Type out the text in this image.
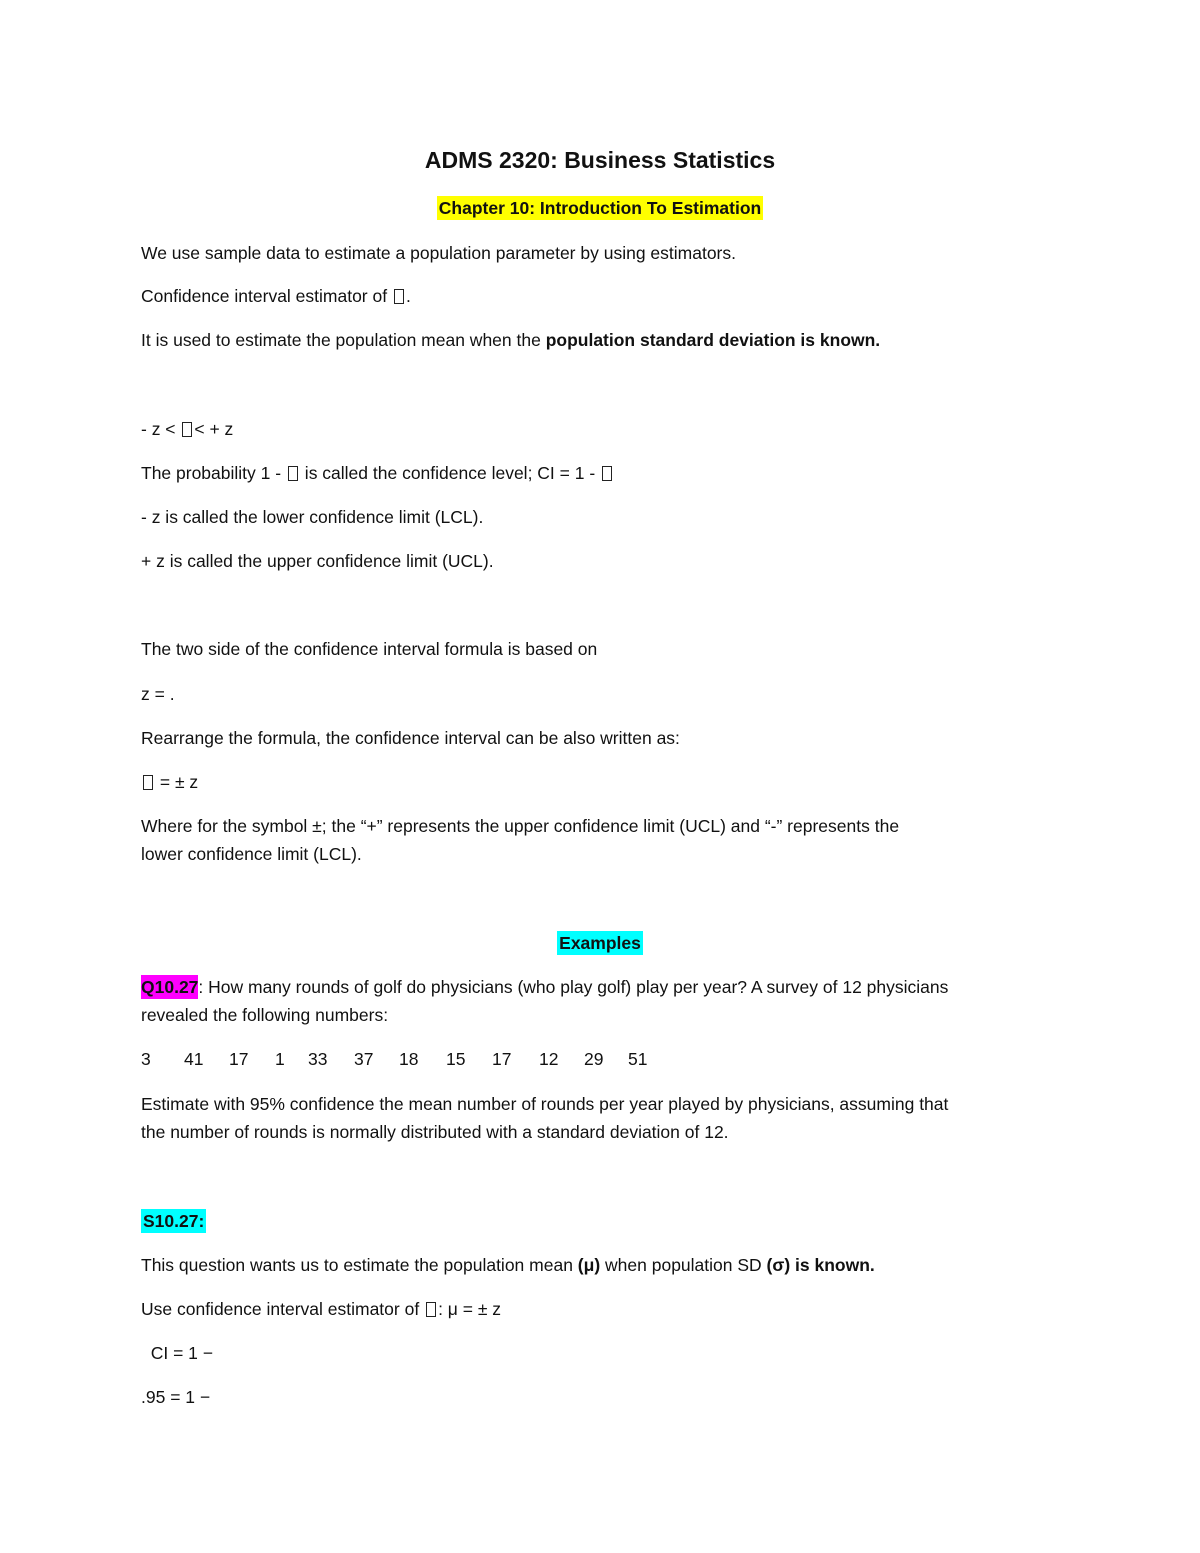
ADMS 2320: Business Statistics
Chapter 10: Introduction To Estimation
We use sample data to estimate a population parameter by using estimators.
Confidence interval estimator of .
It is used to estimate the population mean when the population standard deviation is known.
- z < < + z
The probability 1 -  is called the confidence level; CI = 1 -
- z is called the lower confidence limit (LCL).
+ z is called the upper confidence limit (UCL).
The two side of the confidence interval formula is based on
z = .
Rearrange the formula, the confidence interval can be also written as:
= ± z
Where for the symbol ±; the “+” represents the upper confidence limit (UCL) and “-” represents the
lower confidence limit (LCL).
Examples
Q10.27: How many rounds of golf do physicians (who play golf) play per year? A survey of 12 physicians
revealed the following numbers:
3 41 17 1 33 37 18 15 17 12 29 51
Estimate with 95% confidence the mean number of rounds per year played by physicians, assuming that
the number of rounds is normally distributed with a standard deviation of 12.
S10.27:
This question wants us to estimate the population mean (μ) when population SD (σ) is known.
Use confidence interval estimator of : μ = ± z
CI = 1 −
.95 = 1 −
